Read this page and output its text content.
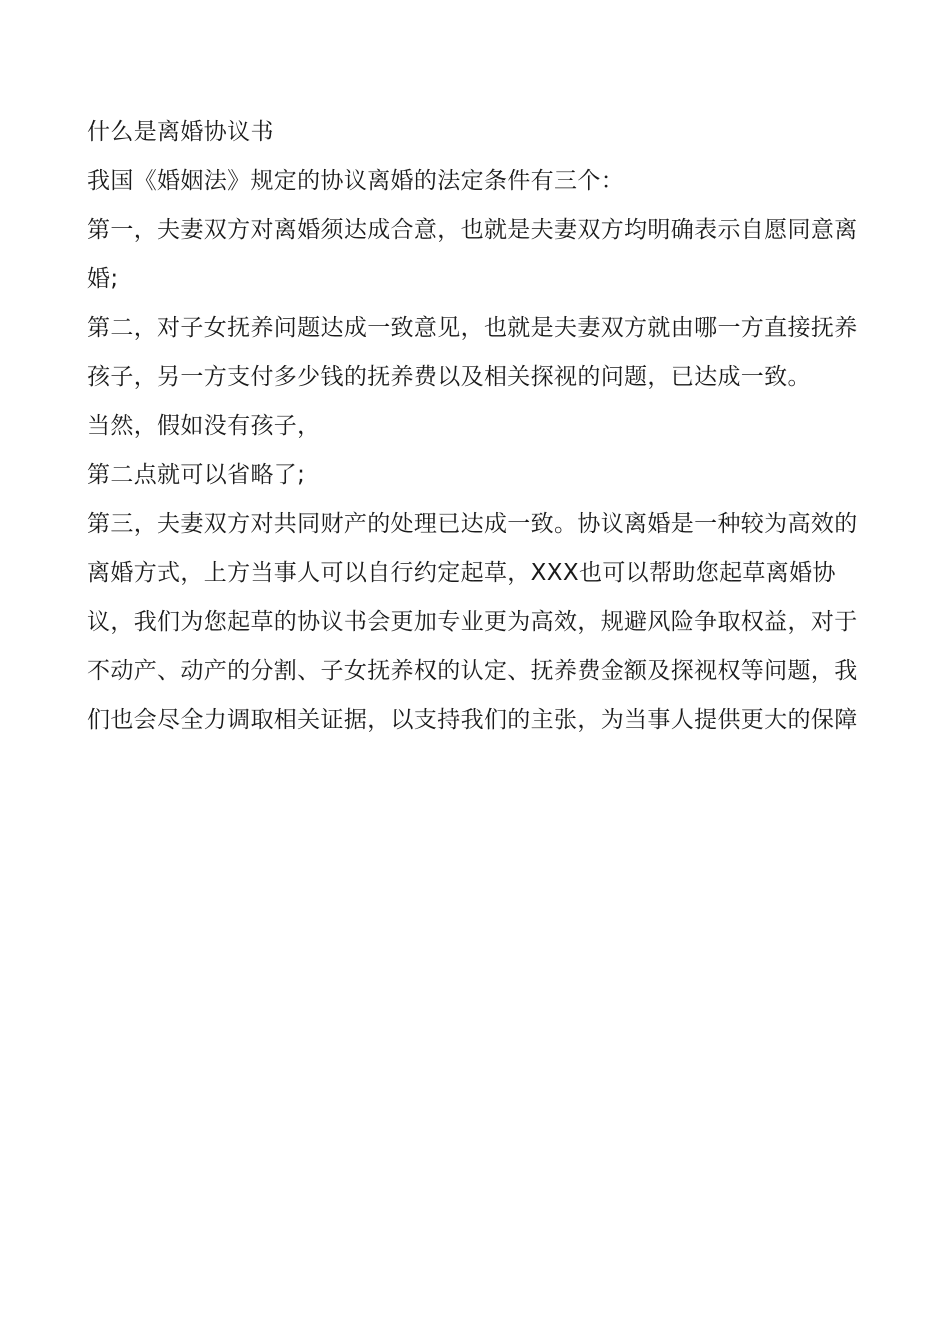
什么是离婚协议书

我国《婚姻法》规定的协议离婚的法定条件有三个：

第一，夫妻双方对离婚须达成合意，也就是夫妻双方均明确表示自愿同意离婚;

第二，对子女抚养问题达成一致意见，也就是夫妻双方就由哪一方直接抚养孩子，另一方支付多少钱的抚养费以及相关探视的问题，已达成一致。

当然，假如没有孩子，

第二点就可以省略了;

第三，夫妻双方对共同财产的处理已达成一致。协议离婚是一种较为高效的离婚方式，上方当事人可以自行约定起草，XXX也可以帮助您起草离婚协议，我们为您起草的协议书会更加专业更为高效，规避风险争取权益，对于不动产、动产的分割、子女抚养权的认定、抚养费金额及探视权等问题，我们也会尽全力调取相关证据，以支持我们的主张，为当事人提供更大的保障
